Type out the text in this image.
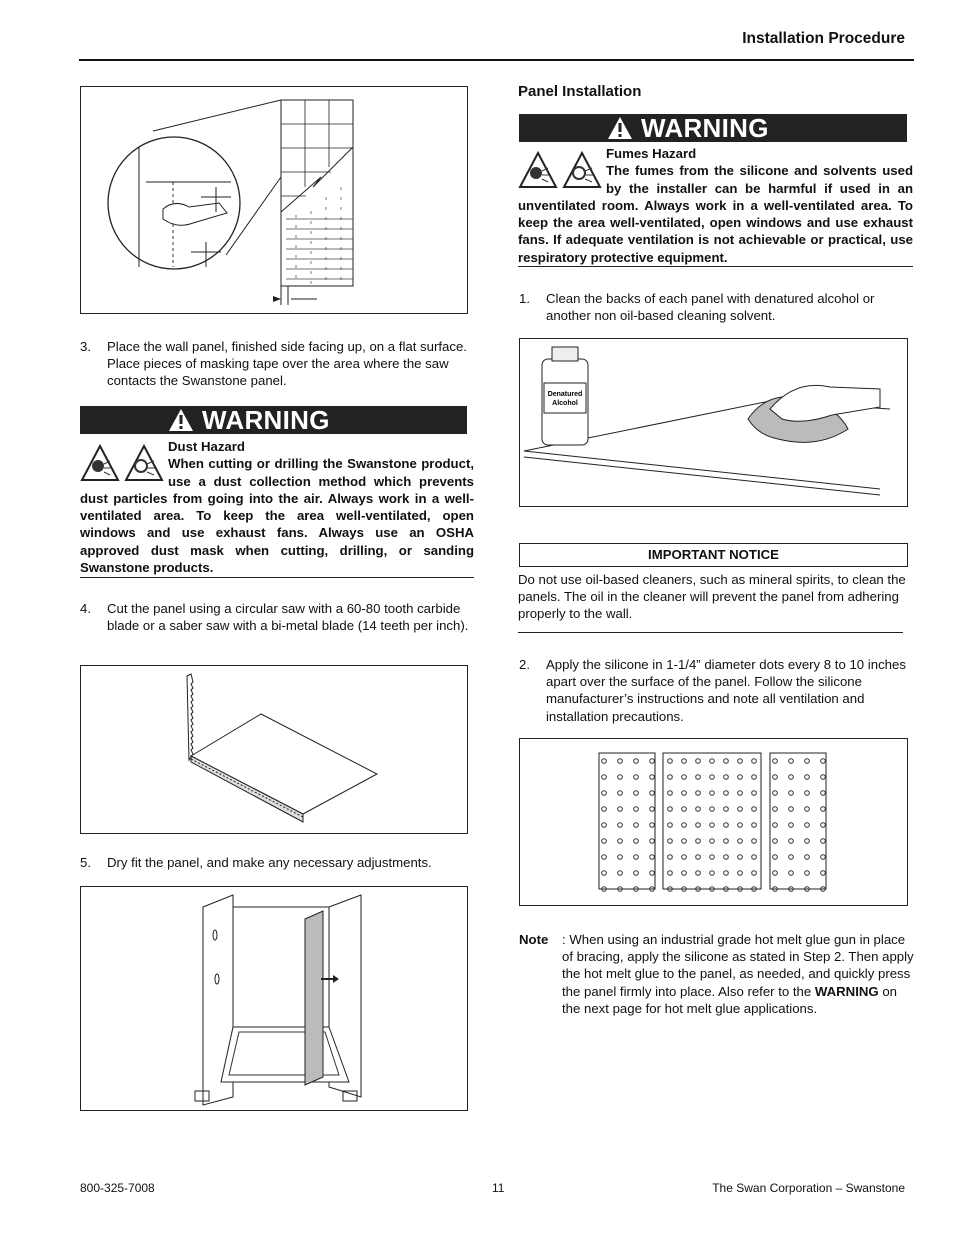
Installation Procedure
3.	Place the wall panel, finished side facing up, on a flat surface. Place pieces of masking tape over the area where the saw contacts the Swanstone panel.
WARNING
Dust Hazard
When cutting or drilling the Swanstone product, use a dust collection method which prevents dust particles from going into the air. Always work in a well-ventilated area. To keep the area well-ventilated, open windows and use exhaust fans. Always use an OSHA approved dust mask when cutting, drilling, or sanding Swanstone products.
4.	Cut the panel using a circular saw with a 60-80 tooth carbide blade or a saber saw with a bi-metal blade (14 teeth per inch).
5.	Dry fit the panel, and make any necessary adjustments.
Panel Installation
WARNING
Fumes Hazard
The fumes from the silicone and solvents used by the installer can be harmful if used in an unventilated room. Always work in a well-ventilated area. To keep the area well-ventilated, open windows and use exhaust fans. If adequate ventilation is not achievable or practical, use respiratory protective equipment.
1.	Clean the backs of each panel with denatured alcohol or another non oil-based cleaning solvent.
Denatured
Alcohol
IMPORTANT NOTICE
Do not use oil-based cleaners, such as mineral spirits, to clean the panels. The oil in the cleaner will prevent the panel from adhering properly to the wall.
2.	Apply the silicone in 1-1/4” diameter dots every 8 to 10 inches apart over the surface of the panel. Follow the silicone manufacturer’s instructions and note all ventilation and installation precautions.
Note	: When using an industrial grade hot melt glue gun in place of bracing, apply the silicone as stated in Step 2. Then apply the hot melt glue to the panel, as needed, and quickly press the panel firmly into place. Also refer to the WARNING on the next page for hot melt glue applications.
800-325-7008	11	The Swan Corporation – Swanstone
